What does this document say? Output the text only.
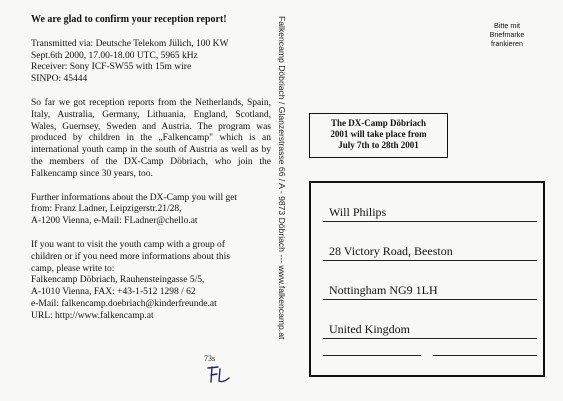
We are glad to confirm your reception report!

Transmitted via: Deutsche Telekom Jülich, 100 KW

Sept.6th 2000, 17.00-18.00 UTC, 5965 kHz

Receiver: Sony ICF-SW55 with 15m wire

SINPO: 45444

So far we got reception reports from the Netherlands, Spain, Italy, Australia, Germany, Lithuania, England, Scotland, Wales, Guernsey, Sweden and Austria. The program was produced by children in the „Falkencamp" which is an international youth camp in the south of Austria as well as by the members of the DX-Camp Döbriach, who join the Falkencamp since 30 years, too.

Further informations about the DX-Camp you will get

from: Franz Ladner, Leipzigerstr.21/28,

A-1200 Vienna, e-Mail: FLadner@chello.at

If you want to visit the youth camp with a group of

children or if you need more informations about this

camp, please write to:

Falkencamp Döbriach, Rauhensteingasse 5/5,

A-1010 Vienna, FAX: +43-1-512 1298 / 62

e-Mail: falkencamp.doebriach@kinderfreunde.at

URL: http://www.falkencamp.at

73s
Falkencamp Döbriach / Glanzerstrasse 66 / A - 9873 Döbriach --- www.falkencamp.at	Bitte mit
Briefmarke
frankieren
The DX-Camp Döbriach
2001 will take place from
July 7th to 28th 2001
Will Philips
28 Victory Road, Beeston
Nottingham NG9 1LH
United Kingdom
